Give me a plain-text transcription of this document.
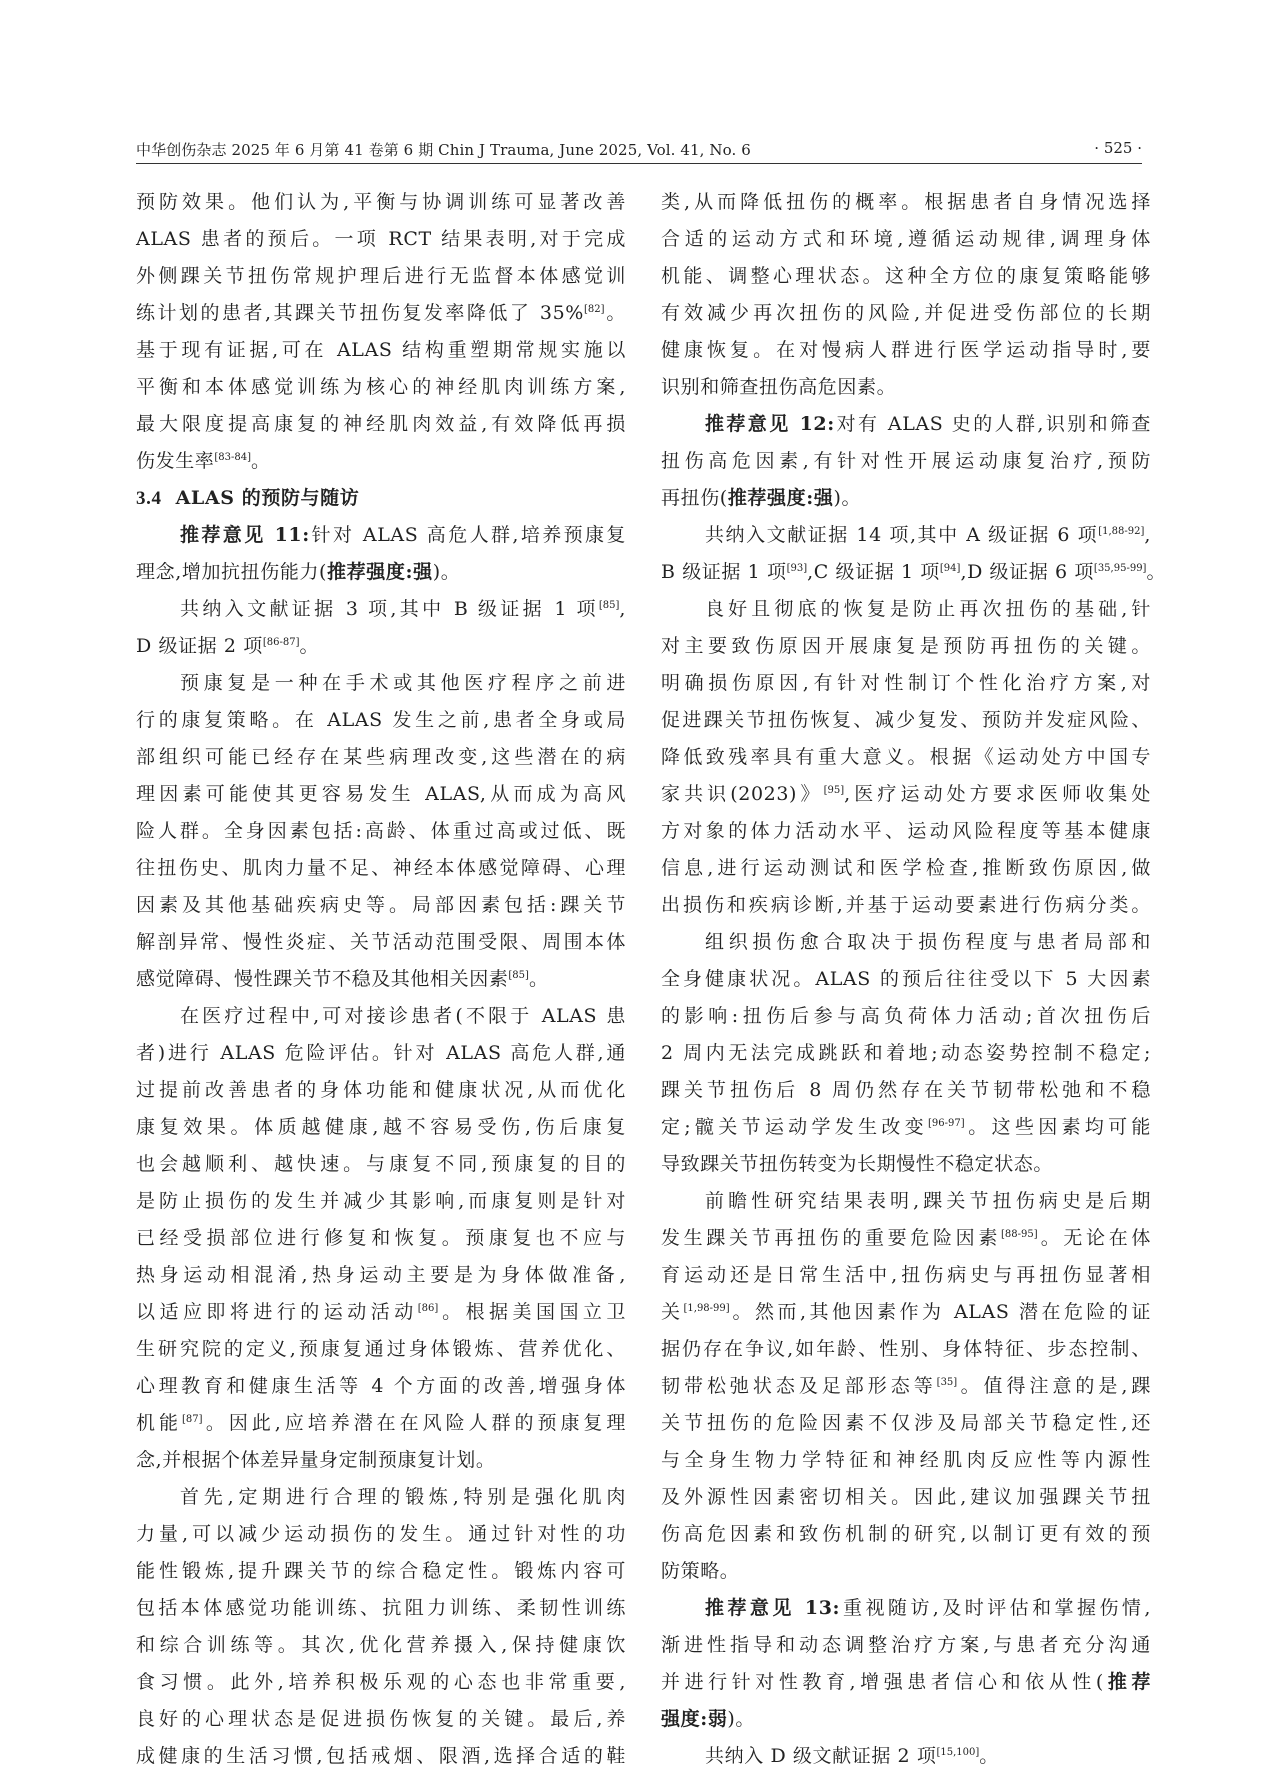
中华创伤杂志 2025 年 6 月第 41 卷第 6 期 Chin J Trauma, June 2025, Vol. 41, No. 6	· 525 ·
预防效果。他们认为,平衡与协调训练可显著改善
ALAS 患者的预后。一项 RCT 结果表明,对于完成
外侧踝关节扭伤常规护理后进行无监督本体感觉训
练计划的患者,其踝关节扭伤复发率降低了 35%[82]。
基于现有证据,可在 ALAS 结构重塑期常规实施以
平衡和本体感觉训练为核心的神经肌肉训练方案,
最大限度提高康复的神经肌肉效益,有效降低再损
伤发生率[83-84]。
3.4 ALAS 的预防与随访
推荐意见 11:针对 ALAS 高危人群,培养预康复
理念,增加抗扭伤能力(推荐强度:强)。
共纳入文献证据 3 项,其中 B 级证据 1 项[85],
D 级证据 2 项[86-87]。
预康复是一种在手术或其他医疗程序之前进
行的康复策略。在 ALAS 发生之前,患者全身或局
部组织可能已经存在某些病理改变,这些潜在的病
理因素可能使其更容易发生 ALAS,从而成为高风
险人群。全身因素包括:高龄、体重过高或过低、既
往扭伤史、肌肉力量不足、神经本体感觉障碍、心理
因素及其他基础疾病史等。局部因素包括:踝关节
解剖异常、慢性炎症、关节活动范围受限、周围本体
感觉障碍、慢性踝关节不稳及其他相关因素[85]。
在医疗过程中,可对接诊患者(不限于 ALAS 患
者)进行 ALAS 危险评估。针对 ALAS 高危人群,通
过提前改善患者的身体功能和健康状况,从而优化
康复效果。体质越健康,越不容易受伤,伤后康复
也会越顺利、越快速。与康复不同,预康复的目的
是防止损伤的发生并减少其影响,而康复则是针对
已经受损部位进行修复和恢复。预康复也不应与
热身运动相混淆,热身运动主要是为身体做准备,
以适应即将进行的运动活动[86]。根据美国国立卫
生研究院的定义,预康复通过身体锻炼、营养优化、
心理教育和健康生活等 4 个方面的改善,增强身体
机能[87]。因此,应培养潜在在风险人群的预康复理
念,并根据个体差异量身定制预康复计划。
首先,定期进行合理的锻炼,特别是强化肌肉
力量,可以减少运动损伤的发生。通过针对性的功
能性锻炼,提升踝关节的综合稳定性。锻炼内容可
包括本体感觉功能训练、抗阻力训练、柔韧性训练
和综合训练等。其次,优化营养摄入,保持健康饮
食习惯。此外,培养积极乐观的心态也非常重要,
良好的心理状态是促进损伤恢复的关键。最后,养
成健康的生活习惯,包括戒烟、限酒,选择合适的鞋
类,从而降低扭伤的概率。根据患者自身情况选择
合适的运动方式和环境,遵循运动规律,调理身体
机能、调整心理状态。这种全方位的康复策略能够
有效减少再次扭伤的风险,并促进受伤部位的长期
健康恢复。在对慢病人群进行医学运动指导时,要
识别和筛查扭伤高危因素。
推荐意见 12:对有 ALAS 史的人群,识别和筛查
扭伤高危因素,有针对性开展运动康复治疗,预防
再扭伤(推荐强度:强)。
共纳入文献证据 14 项,其中 A 级证据 6 项[1,88-92],
B 级证据 1 项[93],C 级证据 1 项[94],D 级证据 6 项[35,95-99]。
良好且彻底的恢复是防止再次扭伤的基础,针
对主要致伤原因开展康复是预防再扭伤的关键。
明确损伤原因,有针对性制订个性化治疗方案,对
促进踝关节扭伤恢复、减少复发、预防并发症风险、
降低致残率具有重大意义。根据《运动处方中国专
家共识(2023)》[95],医疗运动处方要求医师收集处
方对象的体力活动水平、运动风险程度等基本健康
信息,进行运动测试和医学检查,推断致伤原因,做
出损伤和疾病诊断,并基于运动要素进行伤病分类。
组织损伤愈合取决于损伤程度与患者局部和
全身健康状况。ALAS 的预后往往受以下 5 大因素
的影响:扭伤后参与高负荷体力活动;首次扭伤后
2 周内无法完成跳跃和着地;动态姿势控制不稳定;
踝关节扭伤后 8 周仍然存在关节韧带松弛和不稳
定;髋关节运动学发生改变[96-97]。这些因素均可能
导致踝关节扭伤转变为长期慢性不稳定状态。
前瞻性研究结果表明,踝关节扭伤病史是后期
发生踝关节再扭伤的重要危险因素[88-95]。无论在体
育运动还是日常生活中,扭伤病史与再扭伤显著相
关[1,98-99]。然而,其他因素作为 ALAS 潜在危险的证
据仍存在争议,如年龄、性别、身体特征、步态控制、
韧带松弛状态及足部形态等[35]。值得注意的是,踝
关节扭伤的危险因素不仅涉及局部关节稳定性,还
与全身生物力学特征和神经肌肉反应性等内源性
及外源性因素密切相关。因此,建议加强踝关节扭
伤高危因素和致伤机制的研究,以制订更有效的预
防策略。
推荐意见 13:重视随访,及时评估和掌握伤情,
渐进性指导和动态调整治疗方案,与患者充分沟通
并进行针对性教育,增强患者信心和依从性(推荐
强度:弱)。
共纳入 D 级文献证据 2 项[15,100]。
